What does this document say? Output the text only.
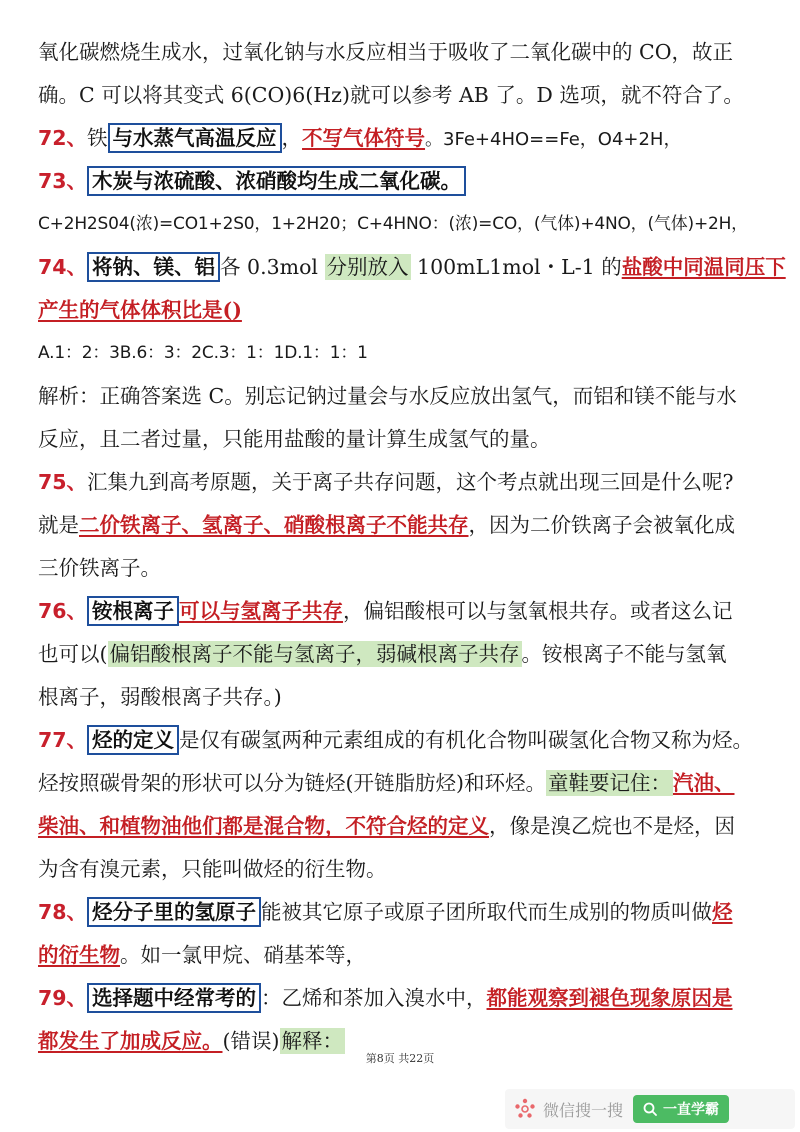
氧化碳燃烧生成水，过氧化钠与水反应相当于吸收了二氧化碳中的 CO，故正
确。C 可以将其变式 6(CO)6(Hz)就可以参考 AB 了。D 选项，就不符合了。
72、铁 与水蒸气高温反应 ，不写气体符号。3Fe+4HO==Fe，O4+2H，
73、 木炭与浓硫酸、浓硝酸均生成二氧化碳。
C+2H2S04(浓)=CO1+2S0，1+2H20；C+4HNO：(浓)=CO，(气体)+4NO，(气体)+2H，
74、 将钠、镁、铝 各 0.3mol 分别放入 100mL1mol・L-1 的盐酸中同温同压下
产生的气体体积比是()
A.1：2：3B.6：3：2C.3：1：1D.1：1：1
解析：正确答案选 C。别忘记钠过量会与水反应放出氢气，而铝和镁不能与水
反应，且二者过量，只能用盐酸的量计算生成氢气的量。
75、汇集九到高考原题，关于离子共存问题，这个考点就出现三回是什么呢?
就是二价铁离子、氢离子、硝酸根离子不能共存，因为二价铁离子会被氧化成
三价铁离子。
76、 铵根离子 可以与氢离子共存，偏铝酸根可以与氢氧根共存。或者这么记
也可以(偏铝酸根离子不能与氢离子，弱碱根离子共存。铵根离子不能与氢氧
根离子，弱酸根离子共存。)
77、 烃的定义 是仅有碳氢两种元素组成的有机化合物叫碳氢化合物又称为烃。
烃按照碳骨架的形状可以分为链烃(开链脂肪烃)和环烃。童鞋要记住：汽油、
柴油、和植物油他们都是混合物，不符合烃的定义，像是溴乙烷也不是烃，因
为含有溴元素，只能叫做烃的衍生物。
78、 烃分子里的氢原子 能被其它原子或原子团所取代而生成别的物质叫做烃
的衍生物。如一氯甲烷、硝基苯等，
79、 选择题中经常考的 ：乙烯和茶加入溴水中，都能观察到褪色现象原因是
都发生了加成反应。(错误)解释：
第8页 共22页
微信搜一搜	一直学霸
